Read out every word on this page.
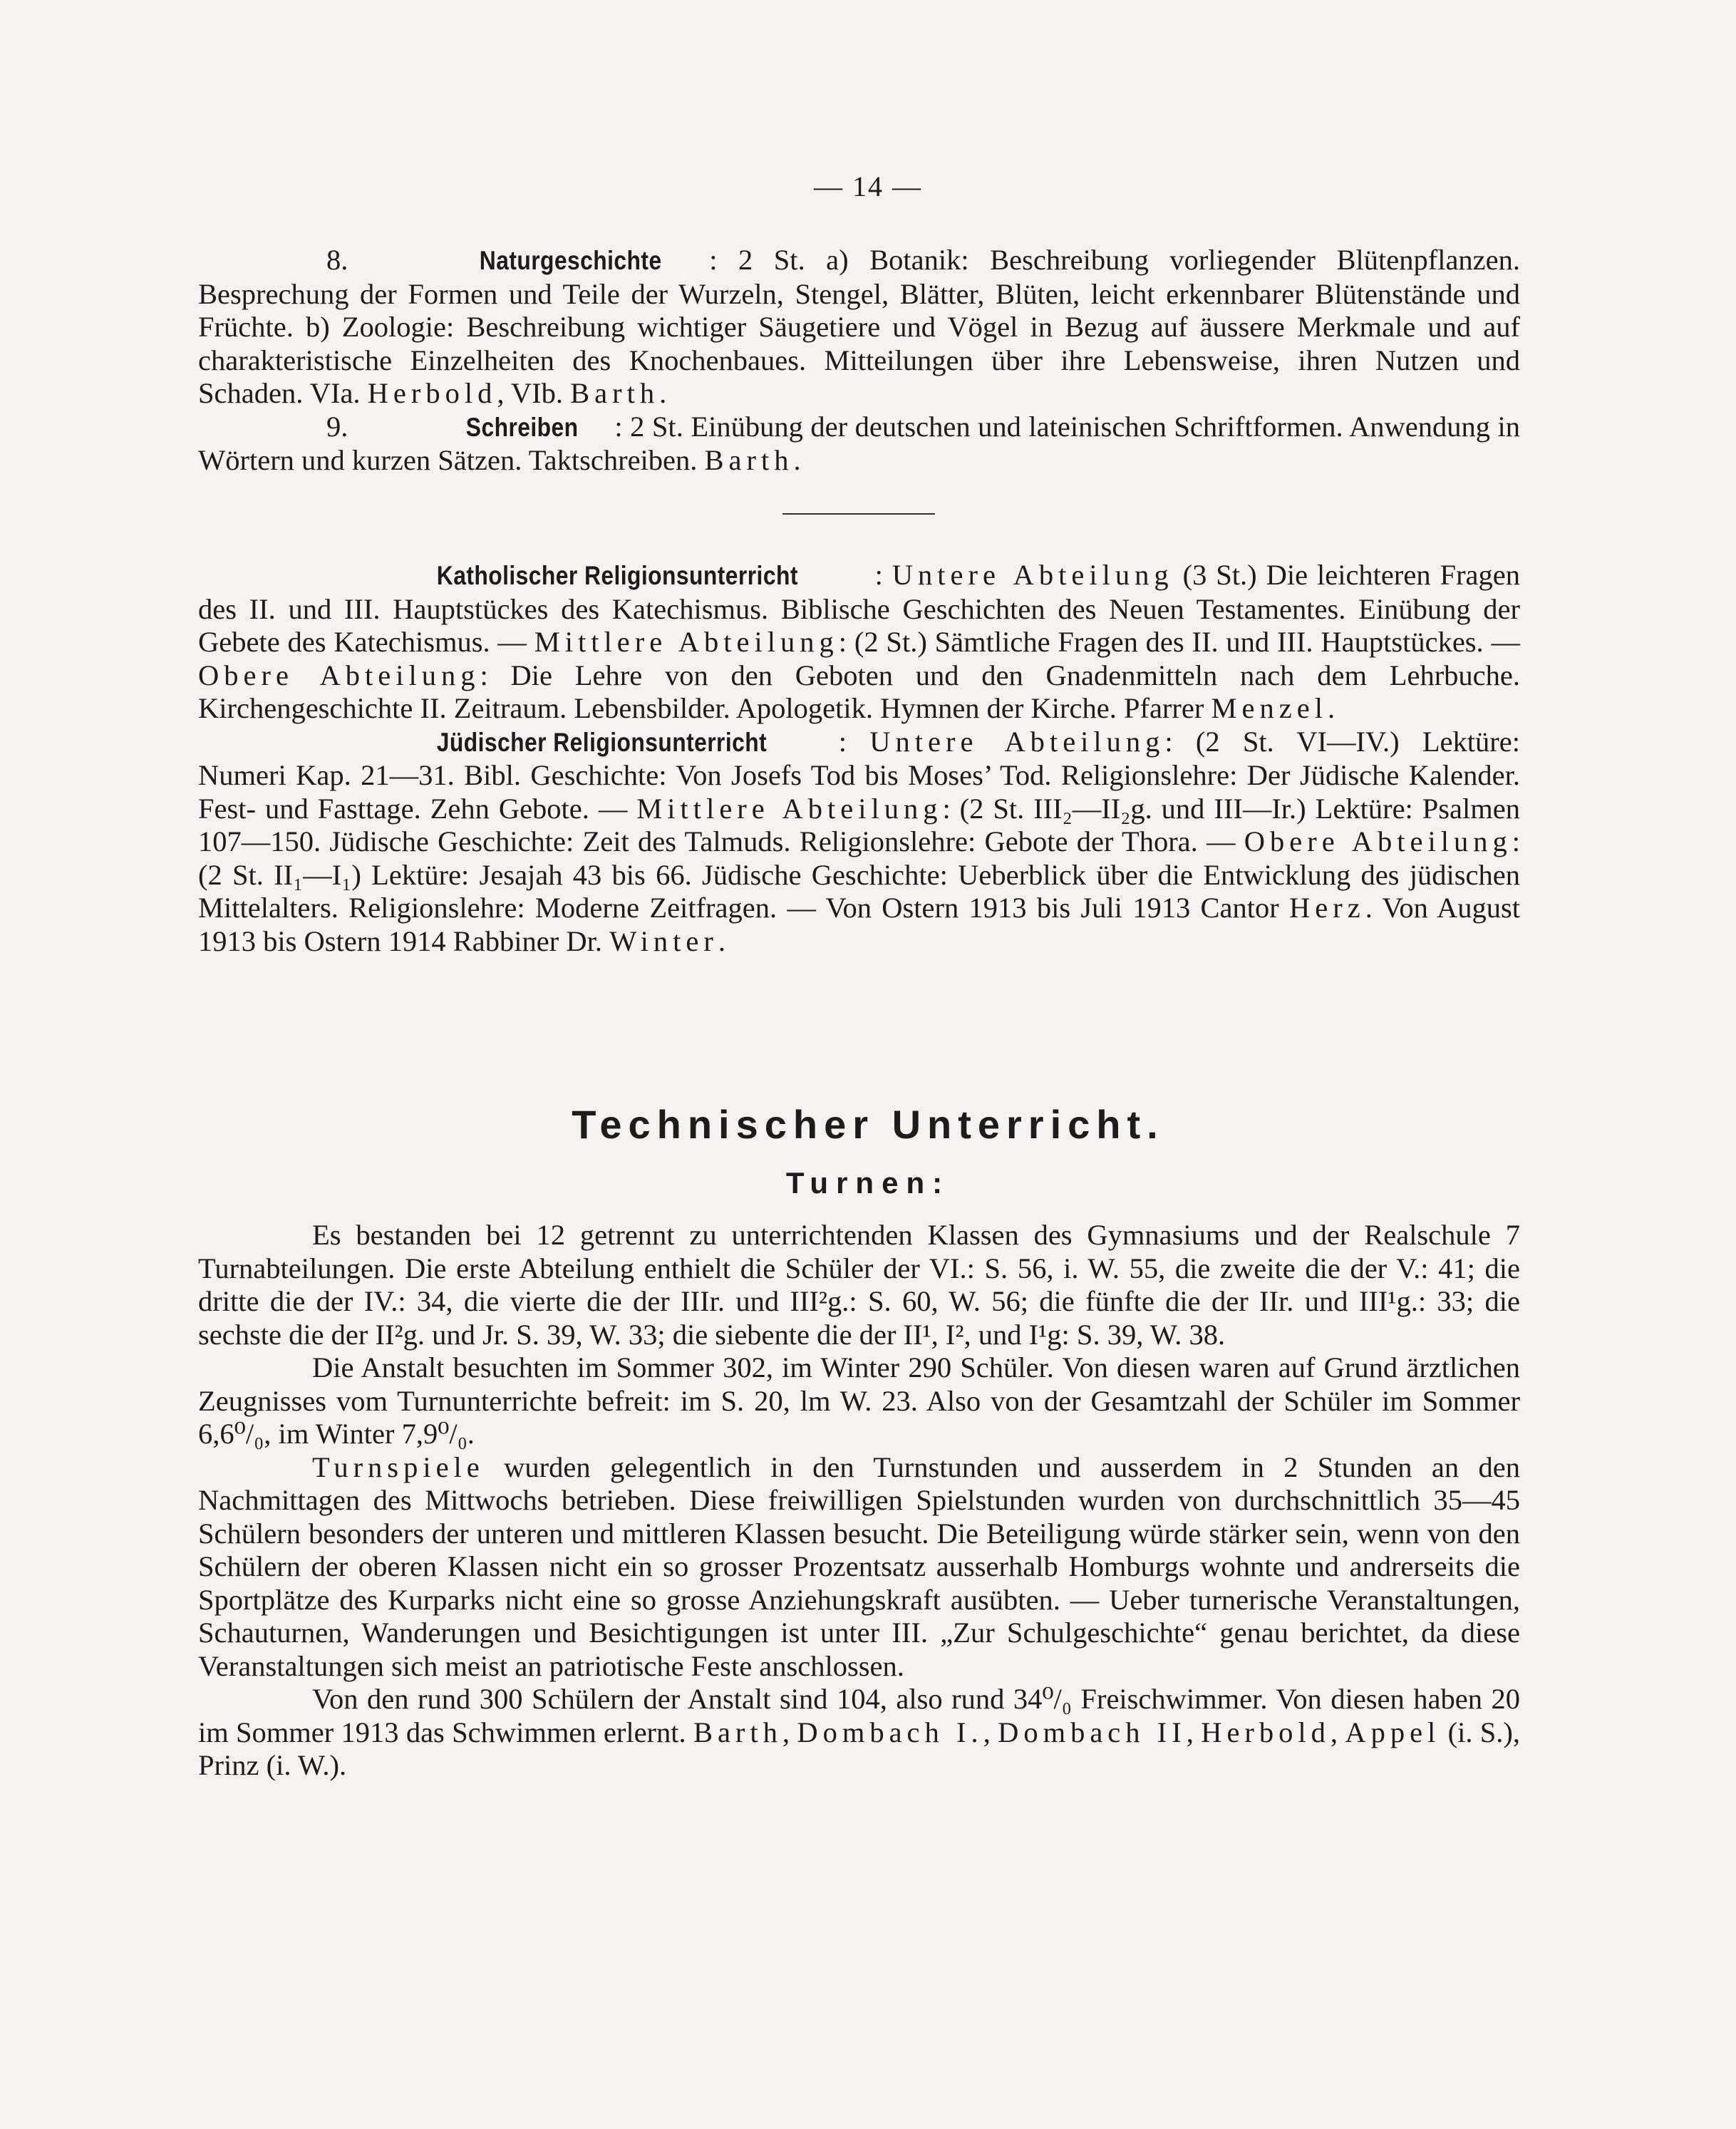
— 14 —

8.	Naturgeschichte : 2 St. a) Botanik: Beschreibung vorliegender Blütenpflanzen. Besprechung der Formen und Teile der Wurzeln, Stengel, Blätter, Blüten, leicht erkennbarer Blütenstände und Früchte. b) Zoologie: Beschreibung wichtiger Säugetiere und Vögel in Bezug auf äussere Merkmale und auf charakteristische Einzelheiten des Knochenbaues. Mitteilungen über ihre Lebensweise, ihren Nutzen und Schaden. VIa. Herbold, VIb. Barth.

9.	Schreiben : 2 St. Einübung der deutschen und lateinischen Schriftformen. Anwendung in Wörtern und kurzen Sätzen. Taktschreiben. Barth.

Katholischer Religionsunterricht	: Untere Abteilung (3 St.) Die leichteren Fragen des II. und III. Hauptstückes des Katechismus. Biblische Geschichten des Neuen Testamentes. Einübung der Gebete des Katechismus. — Mittlere Abteilung: (2 St.) Sämtliche Fragen des II. und III. Hauptstückes. — Obere Abteilung: Die Lehre von den Geboten und den Gnadenmitteln nach dem Lehrbuche. Kirchengeschichte II. Zeitraum. Lebensbilder. Apologetik. Hymnen der Kirche. Pfarrer Menzel.

Jüdischer Religionsunterricht : Untere Abteilung: (2 St. VI—IV.) Lektüre: Numeri Kap. 21—31. Bibl. Geschichte: Von Josefs Tod bis Moses’ Tod. Religionslehre: Der Jüdische Kalender. Fest- und Fasttage. Zehn Gebote. — Mittlere Abteilung: (2 St. III₂—II₂g. und III—Ir.) Lektüre: Psalmen 107—150. Jüdische Geschichte: Zeit des Talmuds. Religionslehre: Gebote der Thora. — Obere Abteilung: (2 St. II₁—I₁) Lektüre: Jesajah 43 bis 66. Jüdische Geschichte: Ueberblick über die Entwicklung des jüdischen Mittelalters. Religionslehre: Moderne Zeitfragen. — Von Ostern 1913 bis Juli 1913 Cantor Herz. Von August 1913 bis Ostern 1914 Rabbiner Dr. Winter.

Technischer Unterricht.
Turnen:

Es bestanden bei 12 getrennt zu unterrichtenden Klassen des Gymnasiums und der Realschule 7 Turnabteilungen. Die erste Abteilung enthielt die Schüler der VI.: S. 56, i. W. 55, die zweite die der V.: 41; die dritte die der IV.: 34, die vierte die der IIIr. und III²g.: S. 60, W. 56; die fünfte die der IIr. und III¹g.: 33; die sechste die der II²g. und Jr. S. 39, W. 33; die siebente die der II¹, I², und I¹g: S. 39, W. 38.

Die Anstalt besuchten im Sommer 302, im Winter 290 Schüler. Von diesen waren auf Grund ärztlichen Zeugnisses vom Turnunterrichte befreit: im S. 20, lm W. 23. Also von der Gesamtzahl der Schüler im Sommer 6,6⁰/₀, im Winter 7,9⁰/₀.

Turnspiele wurden gelegentlich in den Turnstunden und ausserdem in 2 Stunden an den Nachmittagen des Mittwochs betrieben. Diese freiwilligen Spielstunden wurden von durchschnittlich 35—45 Schülern besonders der unteren und mittleren Klassen besucht. Die Beteiligung würde stärker sein, wenn von den Schülern der oberen Klassen nicht ein so grosser Prozentsatz ausserhalb Homburgs wohnte und andrerseits die Sportplätze des Kurparks nicht eine so grosse Anziehungskraft ausübten. — Ueber turnerische Veranstaltungen, Schauturnen, Wanderungen und Besichtigungen ist unter III. „Zur Schulgeschichte“ genau berichtet, da diese Veranstaltungen sich meist an patriotische Feste anschlossen.

Von den rund 300 Schülern der Anstalt sind 104, also rund 34⁰/₀ Freischwimmer. Von diesen haben 20 im Sommer 1913 das Schwimmen erlernt. Barth, Dombach I., Dombach II, Herbold, Appel (i. S.), Prinz (i. W.).
